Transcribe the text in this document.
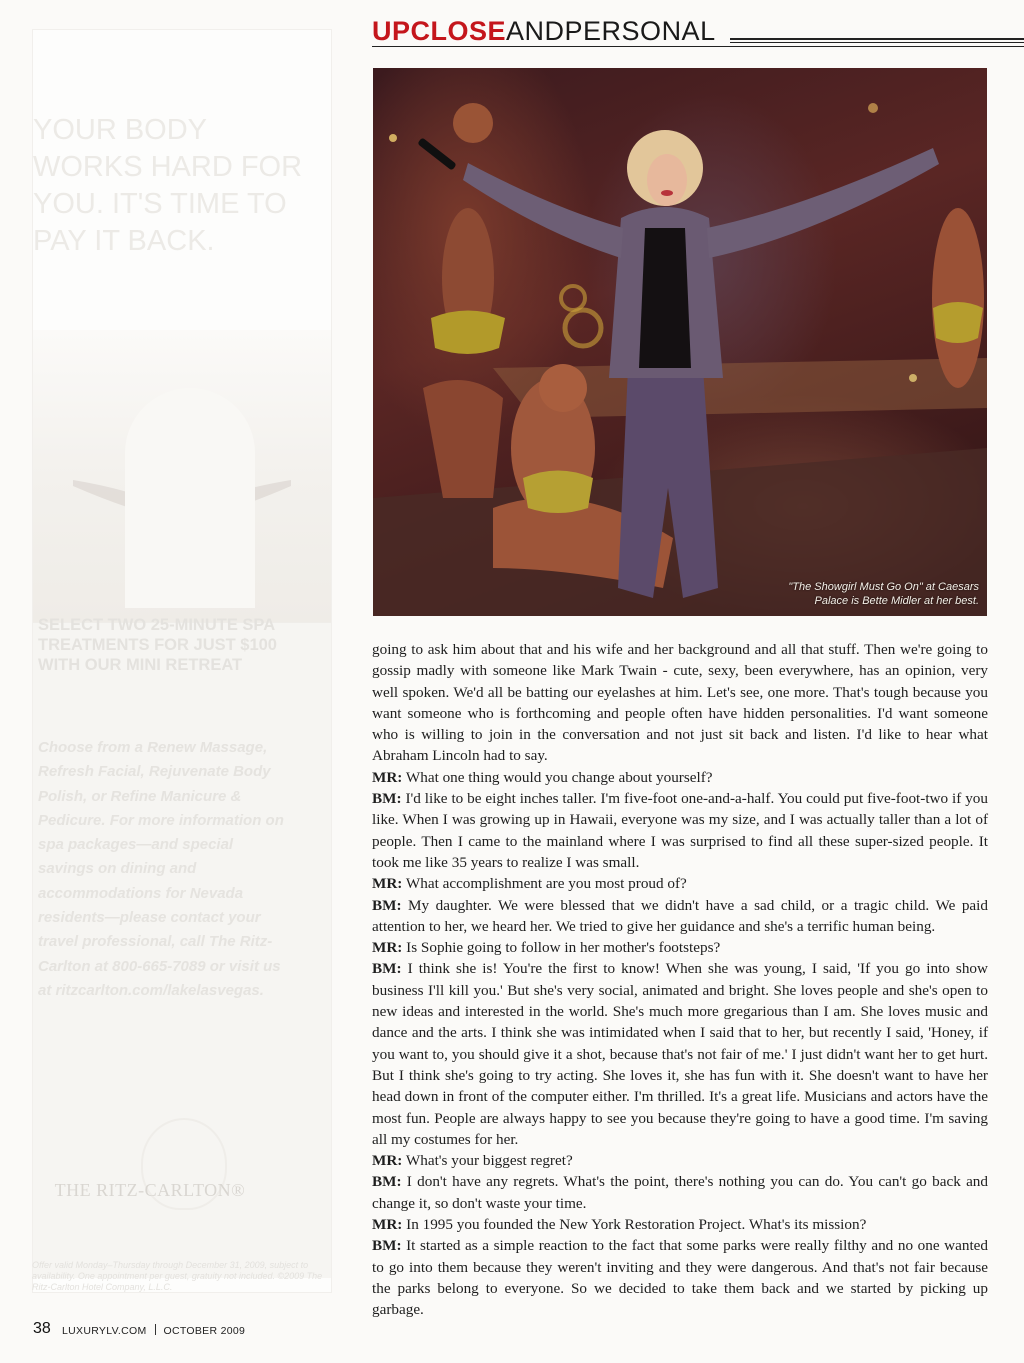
UPCLOSEANDPERSONAL
YOUR BODY WORKS HARD FOR YOU. IT'S TIME TO PAY IT BACK.
SELECT TWO 25-MINUTE SPA TREATMENTS FOR JUST $100 WITH OUR MINI RETREAT
Choose from a Renew Massage, Refresh Facial, Rejuvenate Body Polish, or Refine Manicure & Pedicure. For more information on spa packages—and special savings on dining and accommodations for Nevada residents—please contact your travel professional, call The Ritz-Carlton at 800-665-7089 or visit us at ritzcarlton.com/lakelasvegas.
THE RITZ-CARLTON®
Offer valid Monday–Thursday through December 31, 2009, subject to availability. One appointment per guest, gratuity not included. ©2009 The Ritz-Carlton Hotel Company, L.L.C.
"The Showgirl Must Go On" at Caesars Palace is Bette Midler at her best.

going to ask him about that and his wife and her background and all that stuff. Then we're going to gossip madly with someone like Mark Twain - cute, sexy, been everywhere, has an opinion, very well spoken. We'd all be batting our eyelashes at him. Let's see, one more. That's tough because you want someone who is forthcoming and people often have hidden personalities. I'd want someone who is willing to join in the conversation and not just sit back and listen. I'd like to hear what Abraham Lincoln had to say.

MR: What one thing would you change about yourself?

BM: I'd like to be eight inches taller. I'm five-foot one-and-a-half. You could put five-foot-two if you like. When I was growing up in Hawaii, everyone was my size, and I was actually taller than a lot of people. Then I came to the mainland where I was surprised to find all these super-sized people. It took me like 35 years to realize I was small.

MR: What accomplishment are you most proud of?

BM: My daughter. We were blessed that we didn't have a sad child, or a tragic child. We paid attention to her, we heard her. We tried to give her guidance and she's a terrific human being.

MR: Is Sophie going to follow in her mother's footsteps?

BM: I think she is! You're the first to know! When she was young, I said, 'If you go into show business I'll kill you.' But she's very social, animated and bright. She loves people and she's open to new ideas and interested in the world. She's much more gregarious than I am. She loves music and dance and the arts. I think she was intimidated when I said that to her, but recently I said, 'Honey, if you want to, you should give it a shot, because that's not fair of me.' I just didn't want her to get hurt. But I think she's going to try acting. She loves it, she has fun with it. She doesn't want to have her head down in front of the computer either. I'm thrilled. It's a great life. Musicians and actors have the most fun. People are always happy to see you because they're going to have a good time. I'm saving all my costumes for her.

MR: What's your biggest regret?

BM: I don't have any regrets. What's the point, there's nothing you can do. You can't go back and change it, so don't waste your time.

MR: In 1995 you founded the New York Restoration Project. What's its mission?

BM: It started as a simple reaction to the fact that some parks were really filthy and no one wanted to go into them because they weren't inviting and they were dangerous. And that's not fair because the parks belong to everyone. So we decided to take them back and we started by picking up garbage.

38 LUXURYLV.COM OCTOBER 2009
